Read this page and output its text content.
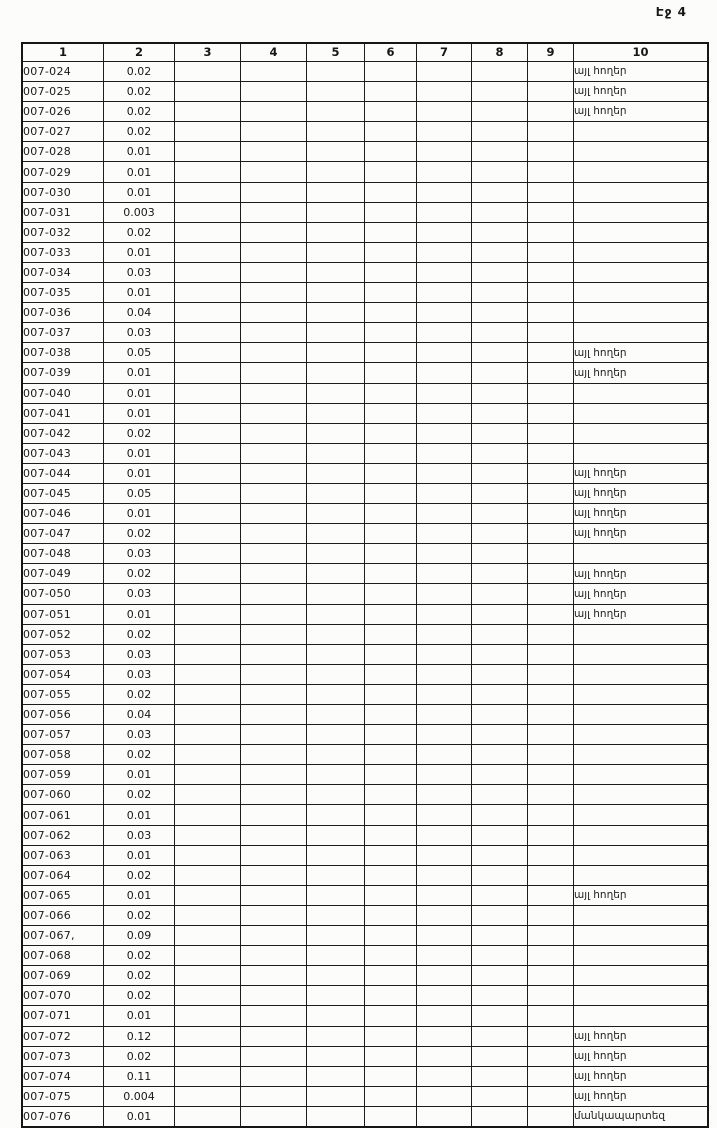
Էջ 4
1	2	3	4	5	6	7	8	9	10
007-024	0.02								այլ հողեր
007-025	0.02								այլ հողեր
007-026	0.02								այլ հողեր
007-027	0.02								
007-028	0.01								
007-029	0.01								
007-030	0.01								
007-031	0.003								
007-032	0.02								
007-033	0.01								
007-034	0.03								
007-035	0.01								
007-036	0.04								
007-037	0.03								
007-038	0.05								այլ հողեր
007-039	0.01								այլ հողեր
007-040	0.01								
007-041	0.01								
007-042	0.02								
007-043	0.01								
007-044	0.01								այլ հողեր
007-045	0.05								այլ հողեր
007-046	0.01								այլ հողեր
007-047	0.02								այլ հողեր
007-048	0.03								
007-049	0.02								այլ հողեր
007-050	0.03								այլ հողեր
007-051	0.01								այլ հողեր
007-052	0.02								
007-053	0.03								
007-054	0.03								
007-055	0.02								
007-056	0.04								
007-057	0.03								
007-058	0.02								
007-059	0.01								
007-060	0.02								
007-061	0.01								
007-062	0.03								
007-063	0.01								
007-064	0.02								
007-065	0.01								այլ հողեր
007-066	0.02								
007-067,	0.09								
007-068	0.02								
007-069	0.02								
007-070	0.02								
007-071	0.01								
007-072	0.12								այլ հողեր
007-073	0.02								այլ հողեր
007-074	0.11								այլ հողեր
007-075	0.004								այլ հողեր
007-076	0.01								մանկապարտեզ
